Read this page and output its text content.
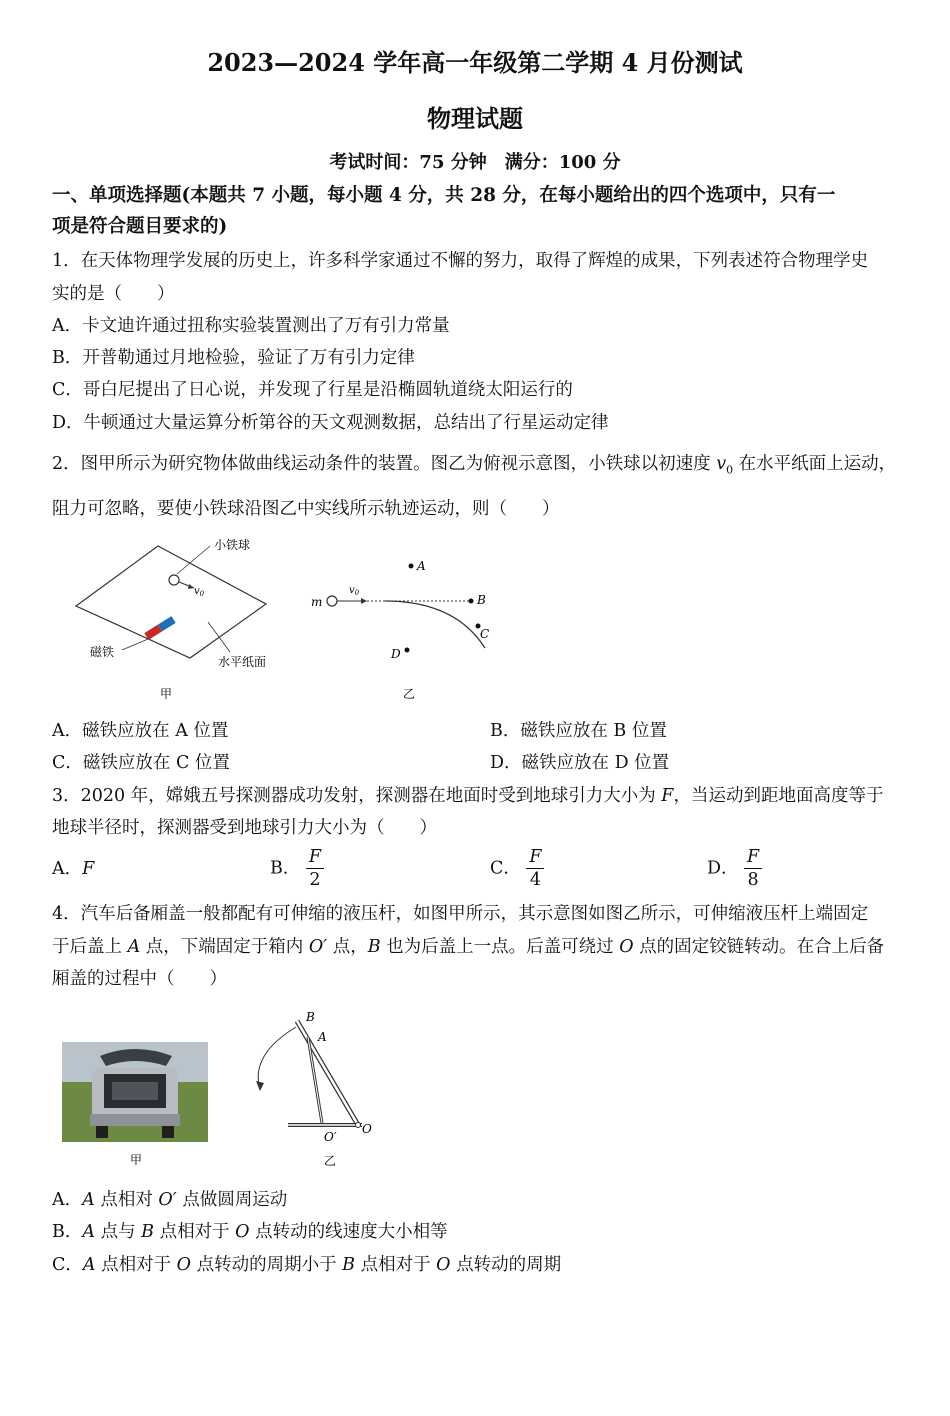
2023—2024 学年高一年级第二学期 4 月份测试
物理试题
考试时间：75 分钟　满分：100 分
一、单项选择题(本题共 7 小题，每小题 4 分，共 28 分，在每小题给出的四个选项中，只有一
项是符合题目要求的)
1．在天体物理学发展的历史上，许多科学家通过不懈的努力，取得了辉煌的成果，下列表述符合物理学史
实的是（　　）
A．卡文迪许通过扭称实验装置测出了万有引力常量
B．开普勒通过月地检验，验证了万有引力定律
C．哥白尼提出了日心说，并发现了行星是沿椭圆轨道绕太阳运行的
D．牛顿通过大量运算分析第谷的天文观测数据，总结出了行星运动定律
2．图甲所示为研究物体做曲线运动条件的装置。图乙为俯视示意图，小铁球以初速度 $v_0$ 在水平纸面上运动，
阻力可忽略，要使小铁球沿图乙中实线所示轨迹运动，则（　　）
小铁球
$v_0$
磁铁
水平纸面
甲
m
$v_0$
A
B
C
D
乙
A．磁铁应放在 A 位置	B．磁铁应放在 B 位置
C．磁铁应放在 C 位置	D．磁铁应放在 D 位置
3．2020 年，嫦娥五号探测器成功发射，探测器在地面时受到地球引力大小为 F，当运动到距地面高度等于
地球半径时，探测器受到地球引力大小为（　　）
A．F	B． $\frac{F}{2}$	C． $\frac{F}{4}$	D． $\frac{F}{8}$
4．汽车后备厢盖一般都配有可伸缩的液压杆，如图甲所示，其示意图如图乙所示，可伸缩液压杆上端固定
于后盖上 A 点，下端固定于箱内 O′ 点，B 也为后盖上一点。后盖可绕过 O 点的固定铰链转动。在合上后备
厢盖的过程中（　　）
甲
B
A
O′
O
乙
A．A 点相对 O′ 点做圆周运动
B．A 点与 B 点相对于 O 点转动的线速度大小相等
C．A 点相对于 O 点转动的周期小于 B 点相对于 O 点转动的周期
